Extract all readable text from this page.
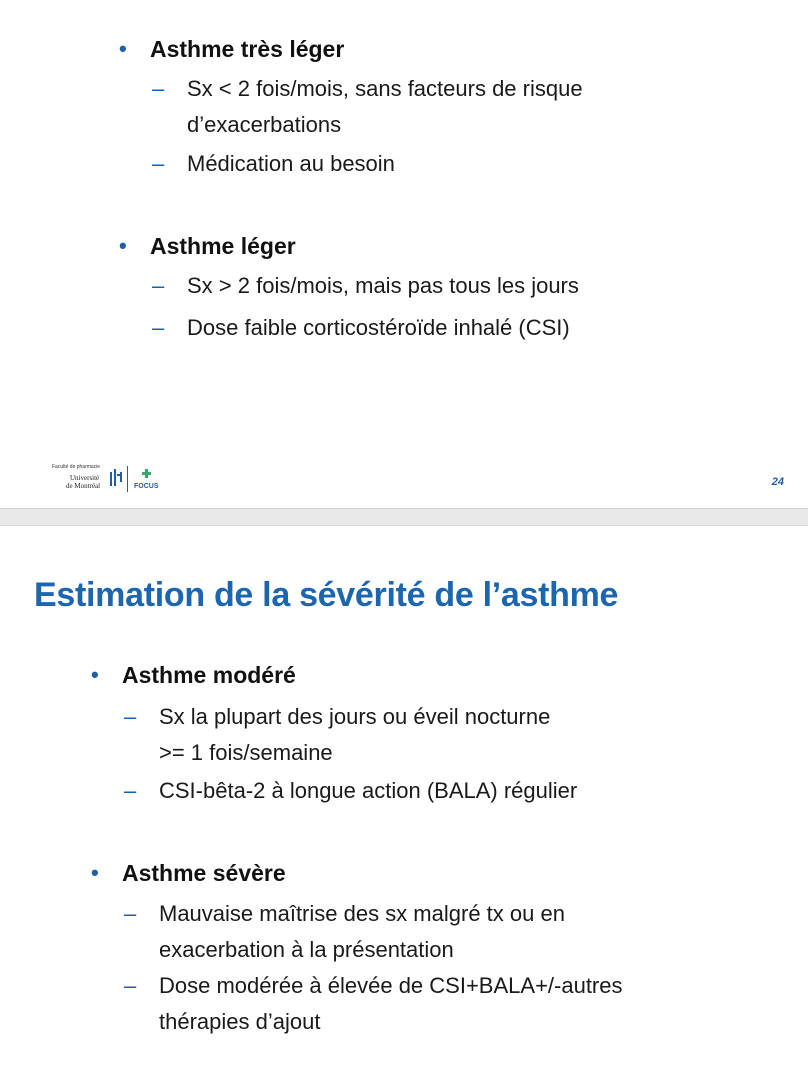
• Asthme très léger
– Sx < 2 fois/mois, sans facteurs de risque
d’exacerbations
– Médication au besoin
• Asthme léger
– Sx > 2 fois/mois, mais pas tous les jours
– Dose faible corticostéroïde inhalé (CSI)
Faculté de pharmacie
Université
de Montréal	FOCUS	24
Estimation de la sévérité de l’asthme
• Asthme modéré
– Sx la plupart des jours ou éveil nocturne
>= 1 fois/semaine
– CSI-bêta-2 à longue action (BALA) régulier
• Asthme sévère
– Mauvaise maîtrise des sx malgré tx ou en
exacerbation à la présentation
– Dose modérée à élevée de CSI+BALA+/-autres
thérapies d’ajout
